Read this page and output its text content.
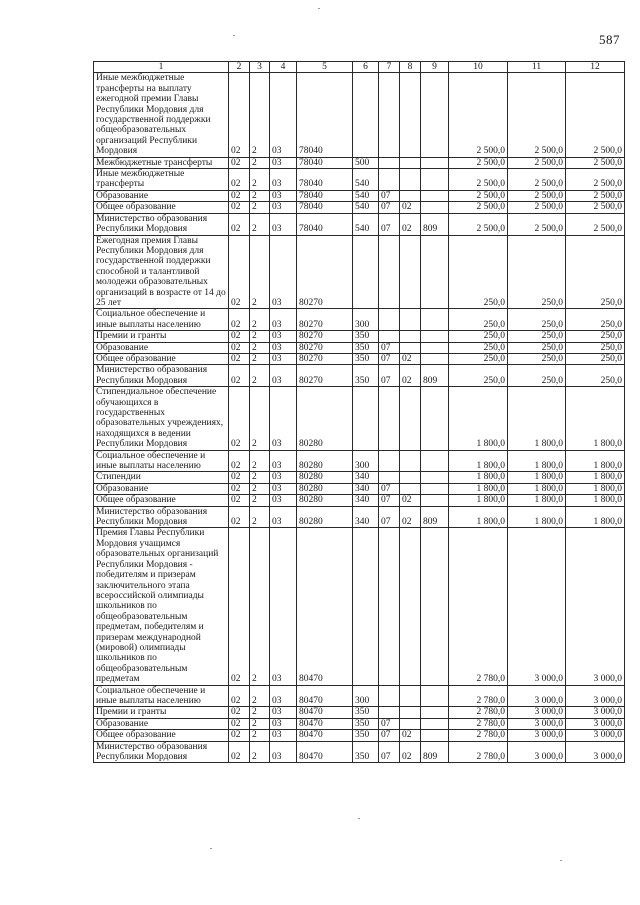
587
1	2	3	4	5	6	7	8	9	10	11	12
Иные межбюджетные трансферты на выплату ежегодной премии Главы Республики Мордовия для государственной поддержки общеобразовательных организаций Республики Мордовия	02	2	03	78040					2 500,0	2 500,0	2 500,0
Межбюджетные трансферты	02	2	03	78040	500				2 500,0	2 500,0	2 500,0
Иные межбюджетные трансферты	02	2	03	78040	540				2 500,0	2 500,0	2 500,0
Образование	02	2	03	78040	540	07			2 500,0	2 500,0	2 500,0
Общее образование	02	2	03	78040	540	07	02		2 500,0	2 500,0	2 500,0
Министерство образования Республики Мордовия	02	2	03	78040	540	07	02	809	2 500,0	2 500,0	2 500,0
Ежегодная премия Главы Республики Мордовия для государственной поддержки способной и талантливой молодежи образовательных организаций в возрасте от 14 до 25 лет	02	2	03	80270					250,0	250,0	250,0
Социальное обеспечение и иные выплаты населению	02	2	03	80270	300				250,0	250,0	250,0
Премии и гранты	02	2	03	80270	350				250,0	250,0	250,0
Образование	02	2	03	80270	350	07			250,0	250,0	250,0
Общее образование	02	2	03	80270	350	07	02		250,0	250,0	250,0
Министерство образования Республики Мордовия	02	2	03	80270	350	07	02	809	250,0	250,0	250,0
Стипендиальное обеспечение обучающихся в государственных образовательных учреждениях, находящихся в ведении Республики Мордовия	02	2	03	80280					1 800,0	1 800,0	1 800,0
Социальное обеспечение и иные выплаты населению	02	2	03	80280	300				1 800,0	1 800,0	1 800,0
Стипендии	02	2	03	80280	340				1 800,0	1 800,0	1 800,0
Образование	02	2	03	80280	340	07			1 800,0	1 800,0	1 800,0
Общее образование	02	2	03	80280	340	07	02		1 800,0	1 800,0	1 800,0
Министерство образования Республики Мордовия	02	2	03	80280	340	07	02	809	1 800,0	1 800,0	1 800,0
Премия Главы Республики Мордовия учащимся образовательных организаций Республики Мордовия - победителям и призерам заключительного этапа всероссийской олимпиады школьников по общеобразовательным предметам, победителям и призерам международной (мировой) олимпиады школьников по общеобразовательным предметам	02	2	03	80470					2 780,0	3 000,0	3 000,0
Социальное обеспечение и иные выплаты населению	02	2	03	80470	300				2 780,0	3 000,0	3 000,0
Премии и гранты	02	2	03	80470	350				2 780,0	3 000,0	3 000,0
Образование	02	2	03	80470	350	07			2 780,0	3 000,0	3 000,0
Общее образование	02	2	03	80470	350	07	02		2 780,0	3 000,0	3 000,0
Министерство образования Республики Мордовия	02	2	03	80470	350	07	02	809	2 780,0	3 000,0	3 000,0
